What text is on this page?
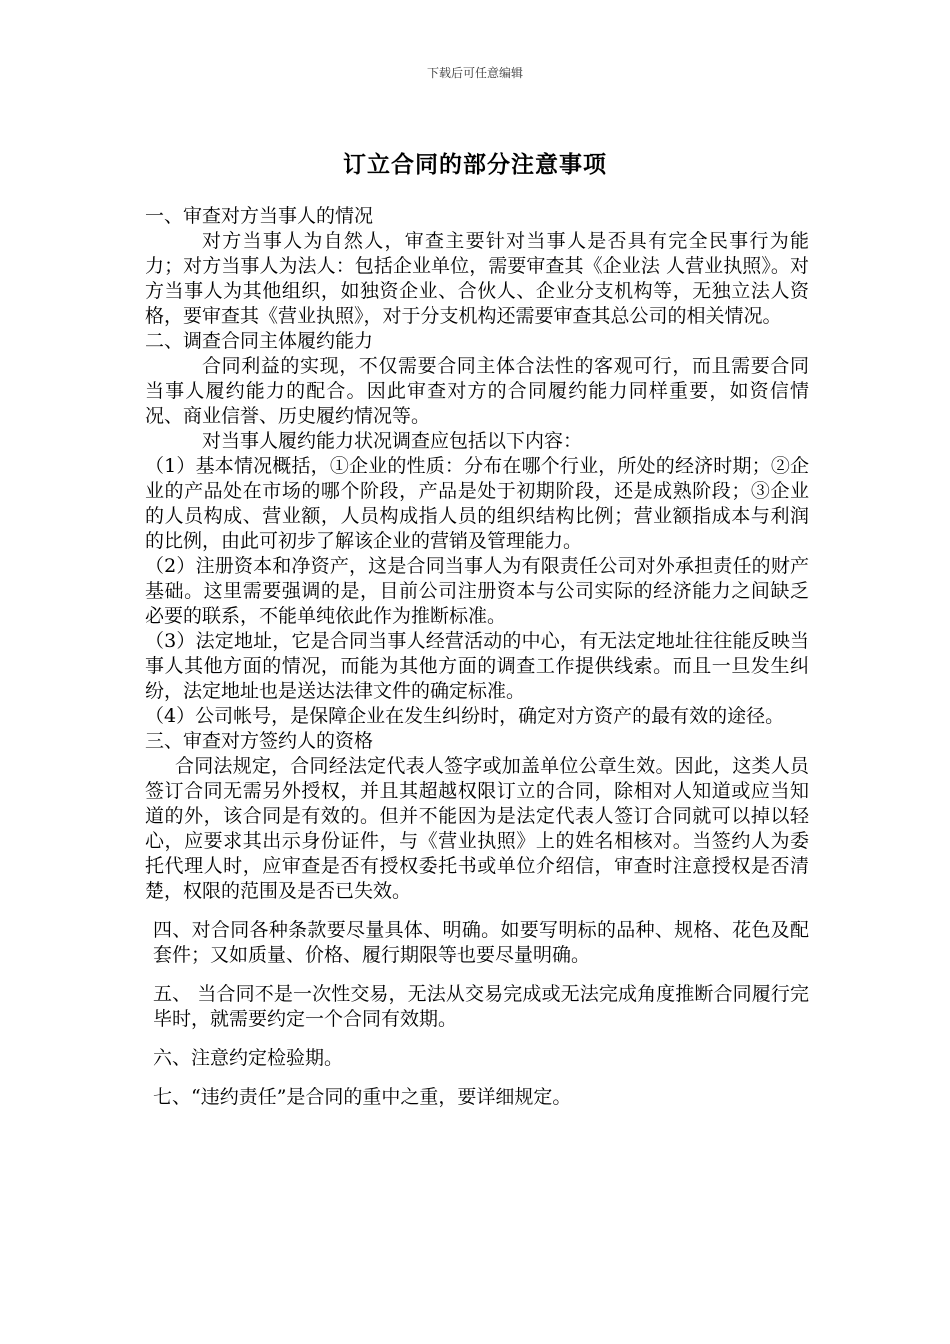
下载后可任意编辑
订立合同的部分注意事项

一、审查对方当事人的情况

对方当事人为自然人，审查主要针对当事人是否具有完全民事行为能力；对方当事人为法人：包括企业单位，需要审查其《企业法 人营业执照》。对方当事人为其他组织，如独资企业、合伙人、企业分支机构等，无独立法人资格，要审查其《营业执照》，对于分支机构还需要审查其总公司的相关情况。

二、调查合同主体履约能力

合同利益的实现，不仅需要合同主体合法性的客观可行，而且需要合同当事人履约能力的配合。因此审查对方的合同履约能力同样重要，如资信情况、商业信誉、历史履约情况等。

对当事人履约能力状况调查应包括以下内容：

（1）基本情况概括，①企业的性质：分布在哪个行业，所处的经济时期；②企业的产品处在市场的哪个阶段，产品是处于初期阶段，还是成熟阶段；③企业的人员构成、营业额，人员构成指人员的组织结构比例；营业额指成本与利润的比例，由此可初步了解该企业的营销及管理能力。

（2）注册资本和净资产，这是合同当事人为有限责任公司对外承担责任的财产基础。这里需要强调的是，目前公司注册资本与公司实际的经济能力之间缺乏必要的联系，不能单纯依此作为推断标准。

（3）法定地址，它是合同当事人经营活动的中心，有无法定地址往往能反映当事人其他方面的情况，而能为其他方面的调查工作提供线索。而且一旦发生纠纷，法定地址也是送达法律文件的确定标准。

（4）公司帐号，是保障企业在发生纠纷时，确定对方资产的最有效的途径。

三、审查对方签约人的资格

合同法规定，合同经法定代表人签字或加盖单位公章生效。因此，这类人员签订合同无需另外授权，并且其超越权限订立的合同，除相对人知道或应当知道的外，该合同是有效的。但并不能因为是法定代表人签订合同就可以掉以轻心，应要求其出示身份证件，与《营业执照》上的姓名相核对。当签约人为委托代理人时，应审查是否有授权委托书或单位介绍信，审查时注意授权是否清楚，权限的范围及是否已失效。

四、对合同各种条款要尽量具体、明确。如要写明标的品种、规格、花色及配套件；又如质量、价格、履行期限等也要尽量明确。

五、 当合同不是一次性交易，无法从交易完成或无法完成角度推断合同履行完毕时，就需要约定一个合同有效期。

六、注意约定检验期。

七、“违约责任”是合同的重中之重，要详细规定。
